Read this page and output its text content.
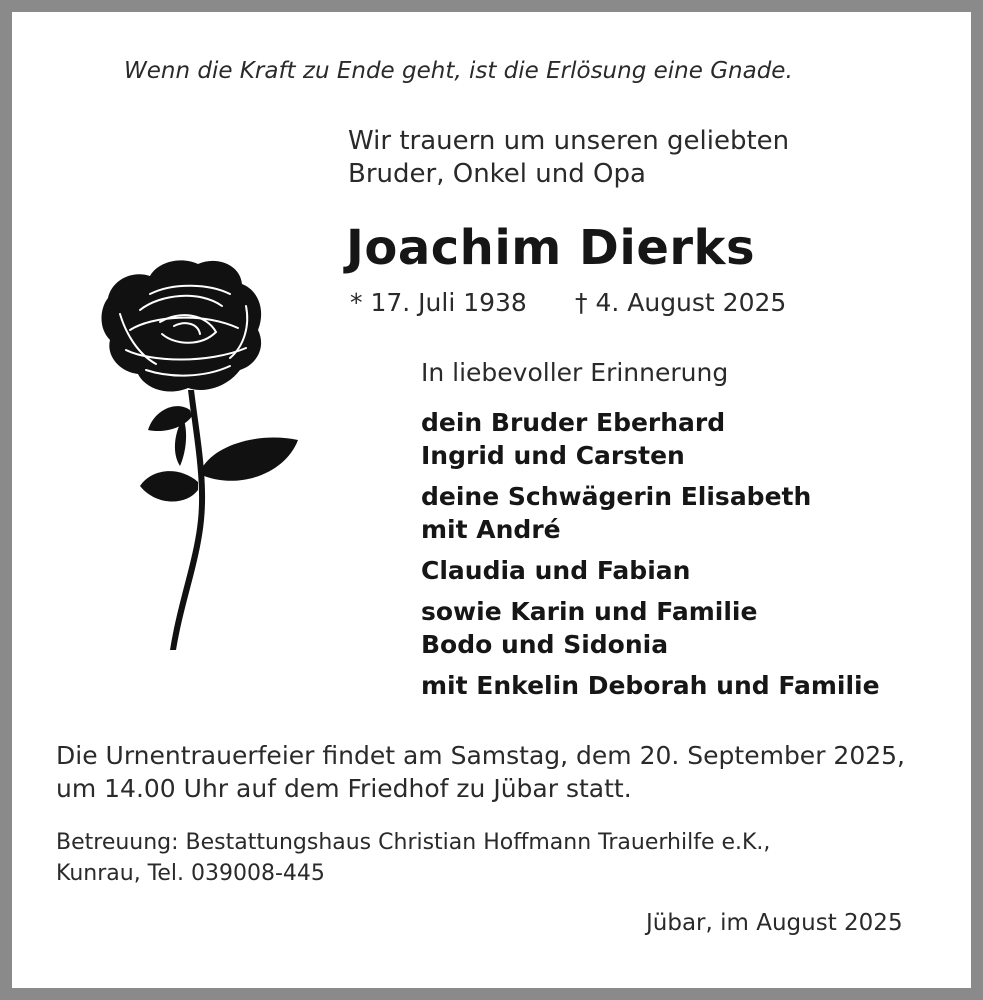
Wenn die Kraft zu Ende geht, ist die Erlösung eine Gnade.
Wir trauern um unseren geliebten
Bruder, Onkel und Opa
Joachim Dierks
* 17. Juli 1938 † 4. August 2025
In liebevoller Erinnerung
dein Bruder Eberhard
Ingrid und Carsten
deine Schwägerin Elisabeth
mit André
Claudia und Fabian
sowie Karin und Familie
Bodo und Sidonia
mit Enkelin Deborah und Familie
Die Urnentrauerfeier findet am Samstag, dem 20. September 2025,
um 14.00 Uhr auf dem Friedhof zu Jübar statt.
Betreuung: Bestattungshaus Christian Hoffmann Trauerhilfe e.K.,
Kunrau, Tel. 039008-445
Jübar, im August 2025
